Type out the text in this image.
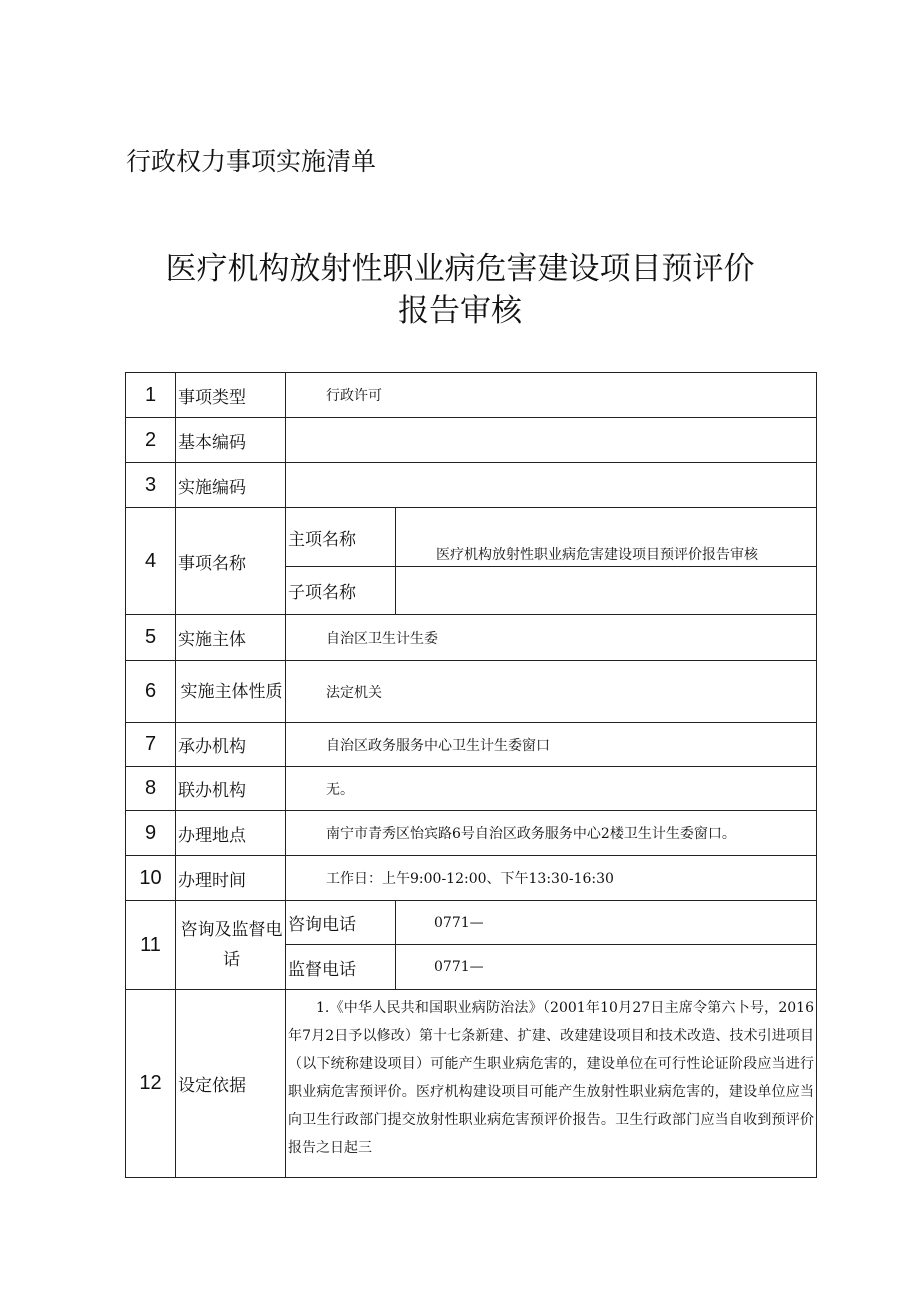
行政权力事项实施清单
医疗机构放射性职业病危害建设项目预评价
报告审核
1	事项类型	行政许可	
2	基本编码		
3	实施编码		
4	事项名称	主项名称	医疗机构放射性职业病危害建设项目预评价报告审核
		子项名称	
5	实施主体	自治区卫生计生委	
6	实施主体性质	法定机关	
7	承办机构	自治区政务服务中心卫生计生委窗口	
8	联办机构	无。	
9	办理地点	南宁市青秀区怡宾路6号自治区政务服务中心2楼卫生计生委窗口。	
10	办理时间	工作日：上午9:00-12:00、下午13:30-16:30	
11	咨询及监督电话	咨询电话	0771—
		监督电话	0771—
12	设定依据	1.《中华人民共和国职业病防治法》（2001年10月27日主席令第六卜号，2016年7月2日予以修改）第十七条新建、扩建、改建建设项目和技术改造、技术引进项目（以下统称建设项目）可能产生职业病危害的，建设单位在可行性论证阶段应当进行职业病危害预评价。医疗机构建设项目可能产生放射性职业病危害的，建设单位应当向卫生行政部门提交放射性职业病危害预评价报告。卫生行政部门应当自收到预评价报告之日起三	
